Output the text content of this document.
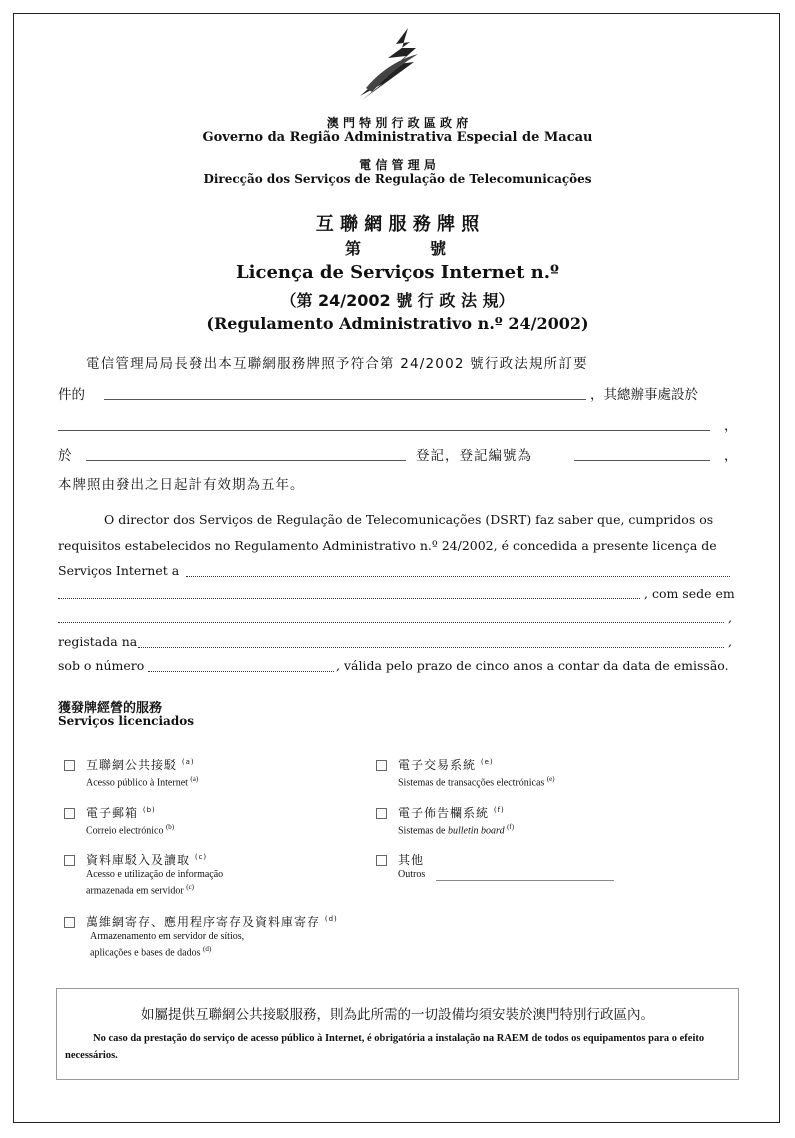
澳 門 特 別 行 政 區 政 府
Governo da Região Administrativa Especial de Macau
電 信 管 理 局
Direcção dos Serviços de Regulação de Telecomunicações
互 聯 網 服 務 牌 照
第	號
Licença de Serviços Internet n.º
（第 24/2002 號 行 政 法 規）
(Regulamento Administrativo n.º 24/2002)
電信管理局局長發出本互聯網服務牌照予符合第 24/2002 號行政法規所訂要
件的	，其總辦事處設於
，
於	登記，登記編號為	，
本牌照由發出之日起計有效期為五年。
O director dos Serviços de Regulação de Telecomunicações (DSRT) faz saber que, cumpridos os
requisitos estabelecidos no Regulamento Administrativo n.º 24/2002, é concedida a presente licença de
Serviços Internet a
, com sede em
,
registada na	,
sob o número	, válida pelo prazo de cinco anos a contar da data de emissão.
獲發牌經營的服務
Serviços licenciados
互聯網公共接駁 $^{(a)}$
Acesso público à Internet $^{(a)}$
電子交易系統 $^{(e)}$
Sistemas de transacções electrónicas $^{(e)}$
電子郵箱 $^{(b)}$
Correio electrónico $^{(b)}$
電子佈告欄系統 $^{(f)}$
Sistemas de bulletin board $^{(f)}$
資料庫駁入及讀取 $^{(c)}$
Acesso e utilização de informação
armazenada em servidor $^{(c)}$
其他
Outros
萬維網寄存、應用程序寄存及資料庫寄存 $^{(d)}$
Armazenamento em servidor de sítios,
aplicações e bases de dados $^{(d)}$
如屬提供互聯網公共接駁服務，則為此所需的一切設備均須安裝於澳門特別行政區內。
No caso da prestação do serviço de acesso público à Internet, é obrigatória a instalação na RAEM de todos os equipamentos para o efeito necessários.
